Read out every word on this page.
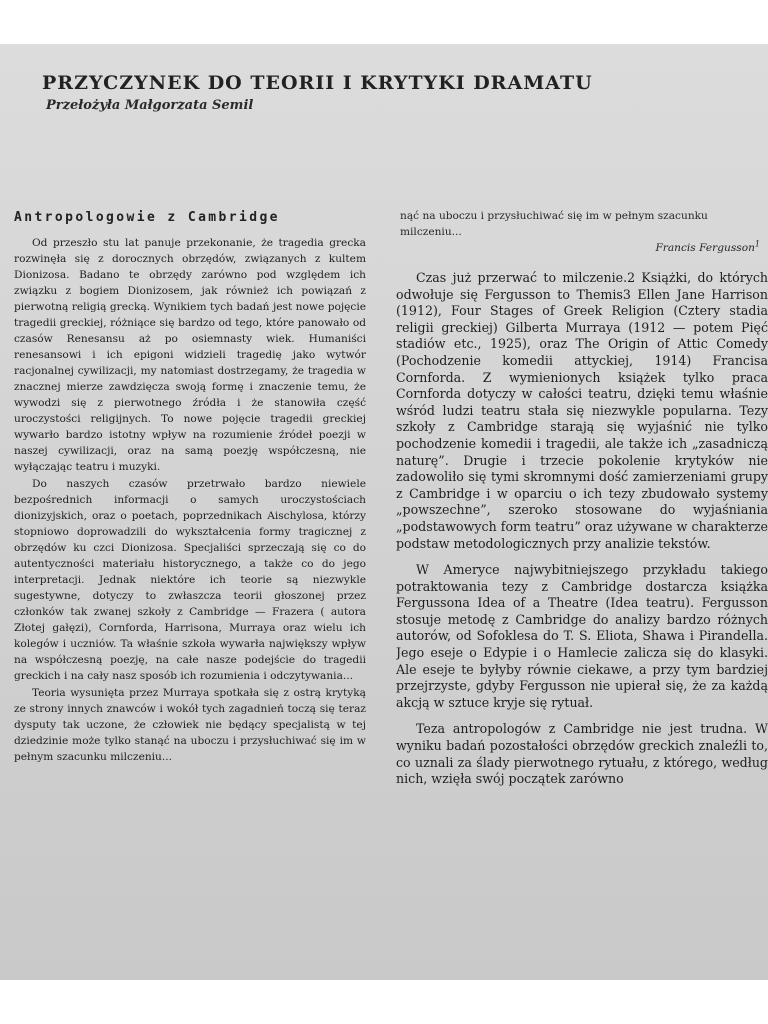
PRZYCZYNEK DO TEORII I KRYTYKI DRAMATU

Przełożyła Małgorzata Semil

Antropologowie z Cambridge

Od przeszło stu lat panuje przekonanie, że tragedia grecka rozwinęła się z dorocznych obrzędów, związanych z kultem Dionizosa. Badano te obrzędy zarówno pod względem ich związku z bogiem Dionizosem, jak również ich powiązań z pierwotną religią grecką. Wynikiem tych badań jest nowe pojęcie tragedii greckiej, różniące się bardzo od tego, które panowało od czasów Renesansu aż po osiemnasty wiek. Humaniści renesansowi i ich epigoni widzieli tragedię jako wytwór racjonalnej cywilizacji, my natomiast dostrzegamy, że tragedia w znacznej mierze zawdzięcza swoją formę i znaczenie temu, że wywodzi się z pierwotnego źródła i że stanowiła część uroczystości religijnych. To nowe pojęcie tragedii greckiej wywarło bardzo istotny wpływ na rozumienie źródeł poezji w naszej cywilizacji, oraz na samą poezję współczesną, nie wyłączając teatru i muzyki.

Do naszych czasów przetrwało bardzo niewiele bezpośrednich informacji o samych uroczystościach dionizyjskich, oraz o poetach, poprzednikach Aischylosa, którzy stopniowo doprowadzili do wykształcenia formy tragicznej z obrzędów ku czci Dionizosa. Specjaliści sprzeczają się co do autentyczności materiału historycznego, a także co do jego interpretacji. Jednak niektóre ich teorie są niezwykle sugestywne, dotyczy to zwłaszcza teorii głoszonej przez członków tak zwanej szkoły z Cambridge — Frazera ( autora Złotej gałęzi), Cornforda, Harrisona, Murraya oraz wielu ich kolegów i uczniów. Ta właśnie szkoła wywarła największy wpływ na współczesną poezję, na całe nasze podejście do tragedii greckich i na cały nasz sposób ich rozumienia i odczytywania...

Teoria wysunięta przez Murraya spotkała się z ostrą krytyką ze strony innych znawców i wokół tych zagadnień toczą się teraz dysputy tak uczone, że człowiek nie będący specjalistą w tej dziedzinie może tylko stanąć na uboczu i przysłuchiwać się im w pełnym szacunku milczeniu...

nąć na uboczu i przysłuchiwać się im w pełnym szacunku milczeniu...

Francis Fergusson$^1$

Czas już przerwać to milczenie.2 Książki, do których odwołuje się Fergusson to Themis3 Ellen Jane Harrison (1912), Four Stages of Greek Religion (Cztery stadia religii greckiej) Gilberta Murraya (1912 — potem Pięć stadiów etc., 1925), oraz The Origin of Attic Comedy (Pochodzenie komedii attyckiej, 1914) Francisa Cornforda. Z wymienionych książek tylko praca Cornforda dotyczy w całości teatru, dzięki temu właśnie wśród ludzi teatru stała się niezwykle popularna. Tezy szkoły z Cambridge starają się wyjaśnić nie tylko pochodzenie komedii i tragedii, ale także ich „zasadniczą naturę”. Drugie i trzecie pokolenie krytyków nie zadowoliło się tymi skromnymi dość zamierzeniami grupy z Cambridge i w oparciu o ich tezy zbudowało systemy „powszechne”, szeroko stosowane do wyjaśniania „podstawowych form teatru” oraz używane w charakterze podstaw metodologicznych przy analizie tekstów.

W Ameryce najwybitniejszego przykładu takiego potraktowania tezy z Cambridge dostarcza książka Fergussona Idea of a Theatre (Idea teatru). Fergusson stosuje metodę z Cambridge do analizy bardzo różnych autorów, od Sofoklesa do T. S. Eliota, Shawa i Pirandella. Jego eseje o Edypie i o Hamlecie zalicza się do klasyki. Ale eseje te byłyby równie ciekawe, a przy tym bardziej przejrzyste, gdyby Fergusson nie upierał się, że za każdą akcją w sztuce kryje się rytuał.

Teza antropologów z Cambridge nie jest trudna. W wyniku badań pozostałości obrzędów greckich znaleźli to, co uznali za ślady pierwotnego rytuału, z którego, według nich, wzięła swój początek zarówno
